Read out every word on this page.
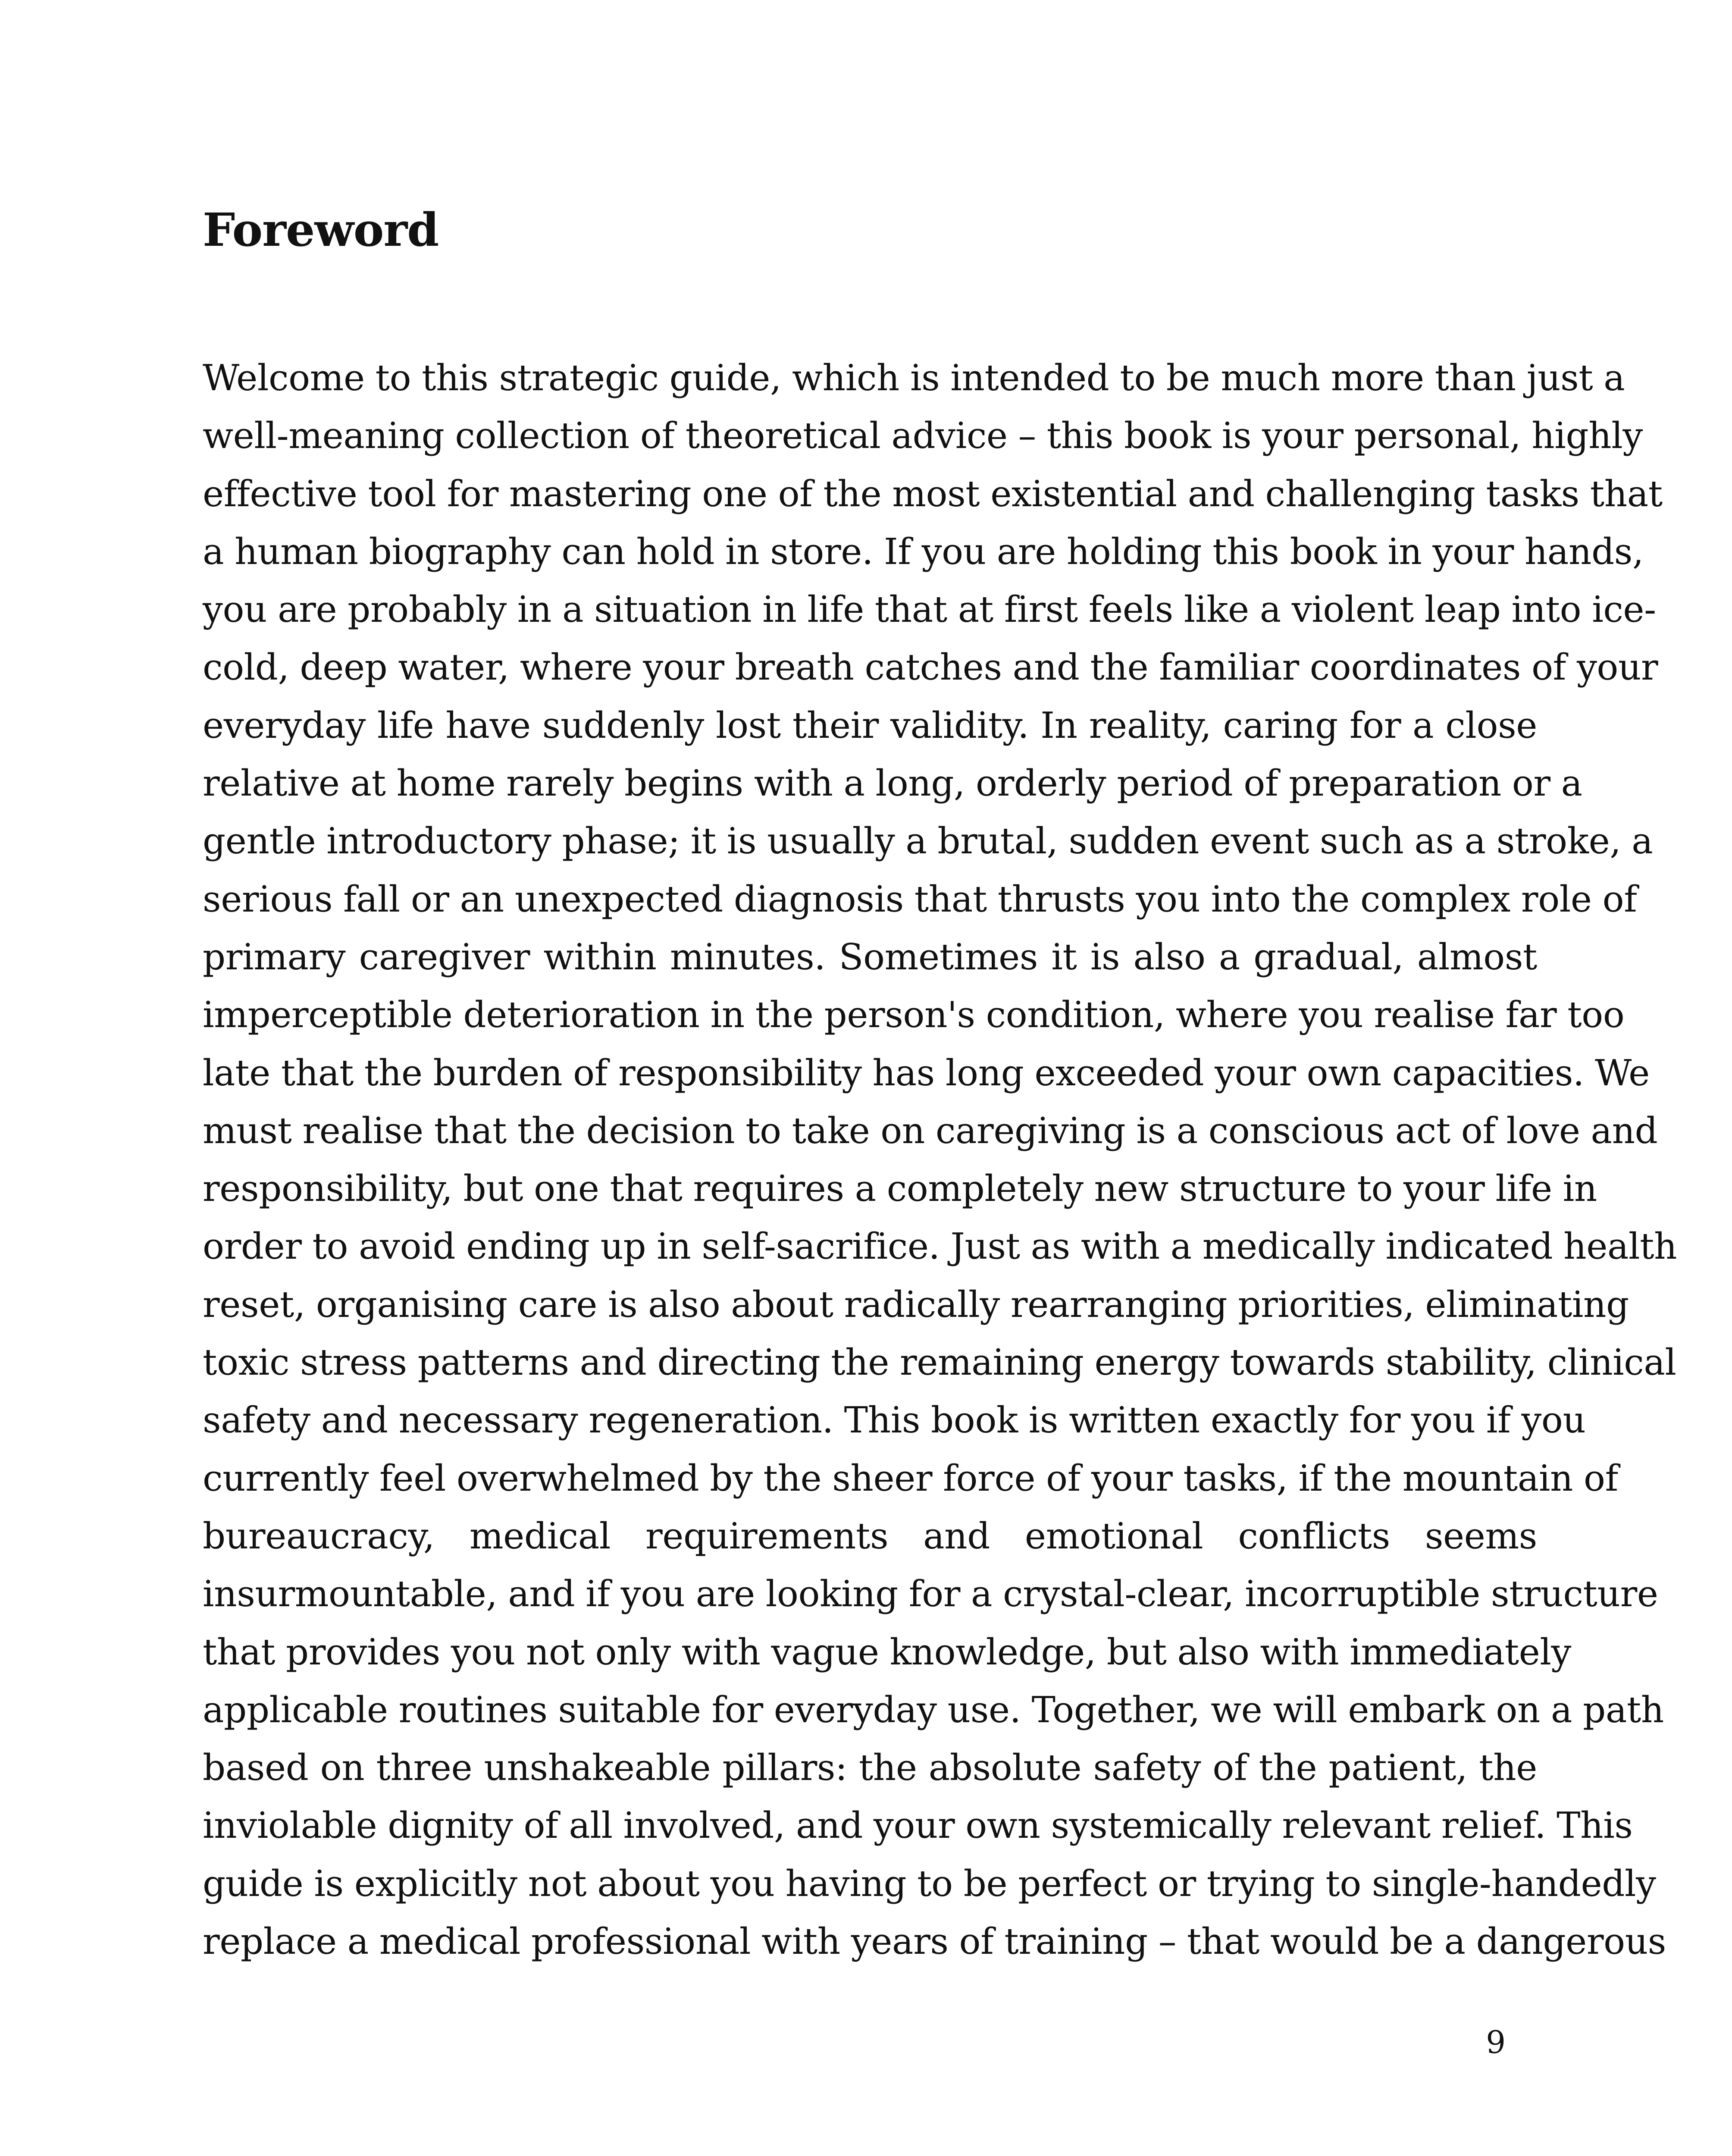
Foreword
Welcome to this strategic guide, which is intended to be much more than just a
well-meaning collection of theoretical advice – this book is your personal, highly
effective tool for mastering one of the most existential and challenging tasks that
a human biography can hold in store. If you are holding this book in your hands,
you are probably in a situation in life that at first feels like a violent leap into ice-
cold, deep water, where your breath catches and the familiar coordinates of your
everyday life have suddenly lost their validity. In reality, caring for a close
relative at home rarely begins with a long, orderly period of preparation or a
gentle introductory phase; it is usually a brutal, sudden event such as a stroke, a
serious fall or an unexpected diagnosis that thrusts you into the complex role of
primary caregiver within minutes. Sometimes it is also a gradual, almost
imperceptible deterioration in the person's condition, where you realise far too
late that the burden of responsibility has long exceeded your own capacities. We
must realise that the decision to take on caregiving is a conscious act of love and
responsibility, but one that requires a completely new structure to your life in
order to avoid ending up in self-sacrifice. Just as with a medically indicated health
reset, organising care is also about radically rearranging priorities, eliminating
toxic stress patterns and directing the remaining energy towards stability, clinical
safety and necessary regeneration. This book is written exactly for you if you
currently feel overwhelmed by the sheer force of your tasks, if the mountain of
bureaucracy, medical requirements and emotional conflicts seems
insurmountable, and if you are looking for a crystal-clear, incorruptible structure
that provides you not only with vague knowledge, but also with immediately
applicable routines suitable for everyday use. Together, we will embark on a path
based on three unshakeable pillars: the absolute safety of the patient, the
inviolable dignity of all involved, and your own systemically relevant relief. This
guide is explicitly not about you having to be perfect or trying to single-handedly
replace a medical professional with years of training – that would be a dangerous
9
